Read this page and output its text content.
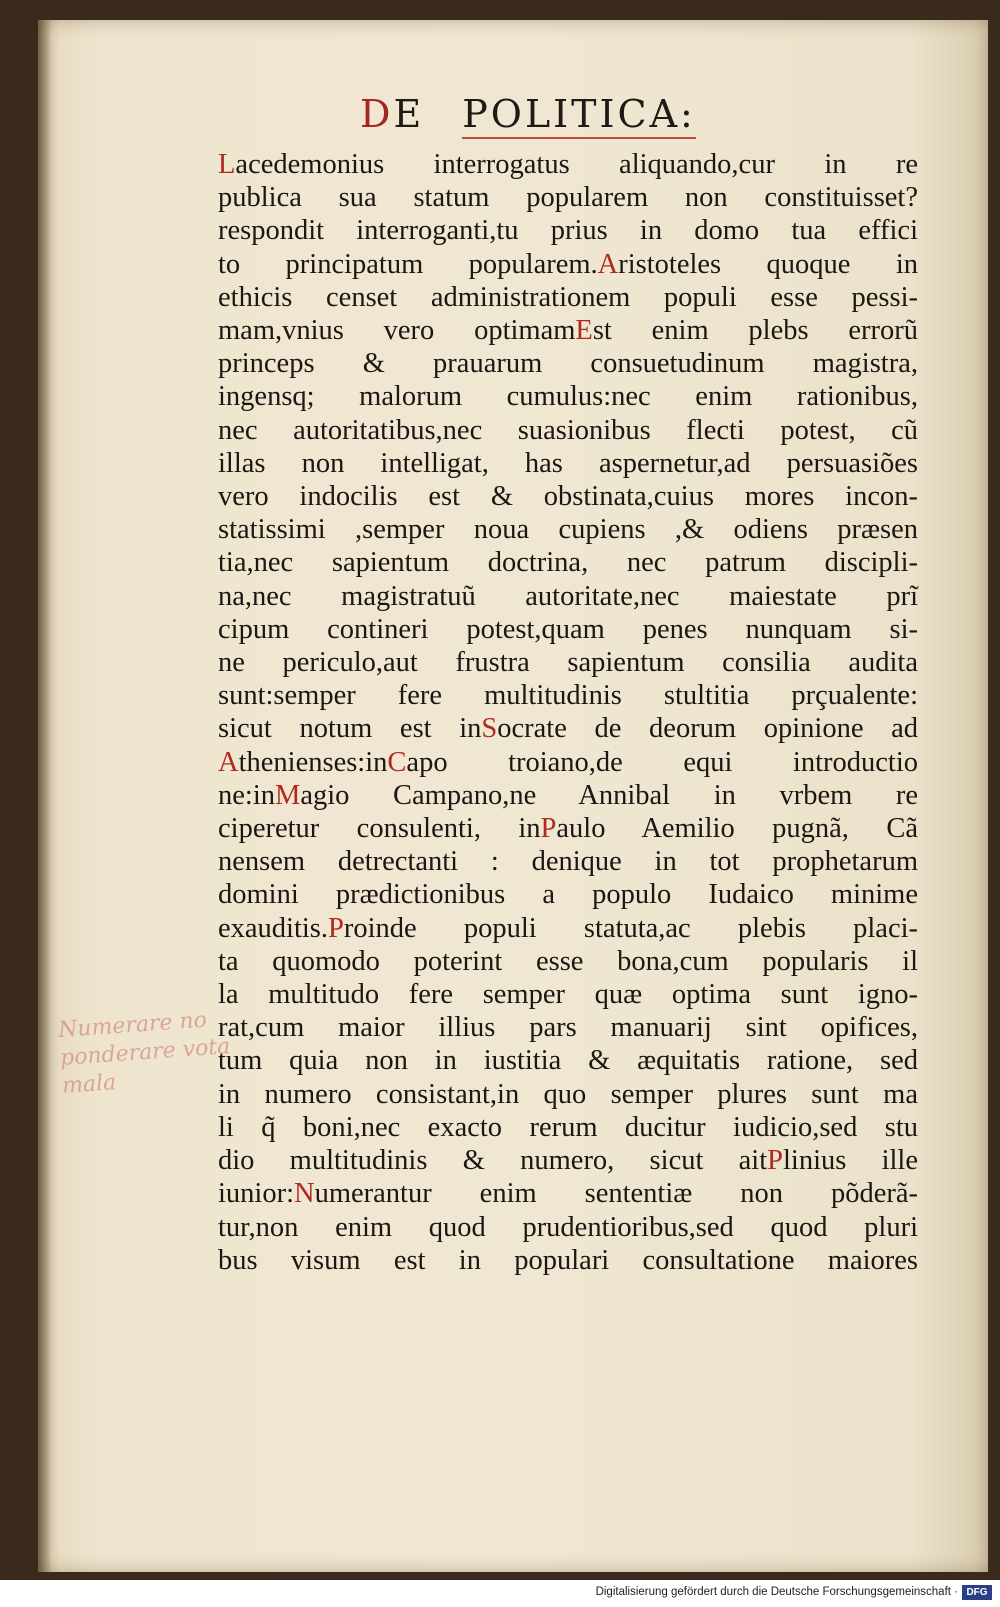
DE POLITICA:
Lacedemonius interrogatus aliquando,cur in re
publica sua statum popularem non constituisset?
respondit interroganti,tu prius in domo tua effici
to principatum popularem.Aristoteles quoque in
ethicis censet administrationem populi esse pessi-
mam,vnius vero optimamEst enim plebs errorũ
princeps & prauarum consuetudinum magistra,
ingensq; malorum cumulus:nec enim rationibus,
nec autoritatibus,nec suasionibus flecti potest, cũ
illas non intelligat, has aspernetur,ad persuasiões
vero indocilis est & obstinata,cuius mores incon-
statissimi ,semper noua cupiens ,& odiens præsen
tia,nec sapientum doctrina, nec patrum discipli-
na,nec magistratuũ autoritate,nec maiestate prĩ
cipum contineri potest,quam penes nunquam si-
ne periculo,aut frustra sapientum consilia audita
sunt:semper fere multitudinis stultitia prçualente:
sicut notum est inSocrate de deorum opinione ad
Athenienses:inCapo troiano,de equi introductio
ne:inMagio Campano,ne Annibal in vrbem re
ciperetur consulenti, inPaulo Aemilio pugnã, Cã
nensem detrectanti : denique in tot prophetarum
domini prædictionibus a populo Iudaico minime
exauditis.Proinde populi statuta,ac plebis placi-
ta quomodo poterint esse bona,cum popularis il
la multitudo fere semper quæ optima sunt igno-
rat,cum maior illius pars manuarij sint opifices,
tum quia non in iustitia & æquitatis ratione, sed
in numero consistant,in quo semper plures sunt ma
li q̃ boni,nec exacto rerum ducitur iudicio,sed stu
dio multitudinis & numero, sicut aitPlinius ille
iunior:Numerantur enim sententiæ non põderã-
tur,non enim quod prudentioribus,sed quod pluri
bus visum est in populari consultatione maiores
Numerare no
ponderare vota
mala
Digitalisierung gefördert durch die Deutsche Forschungsgemeinschaft · DFG
